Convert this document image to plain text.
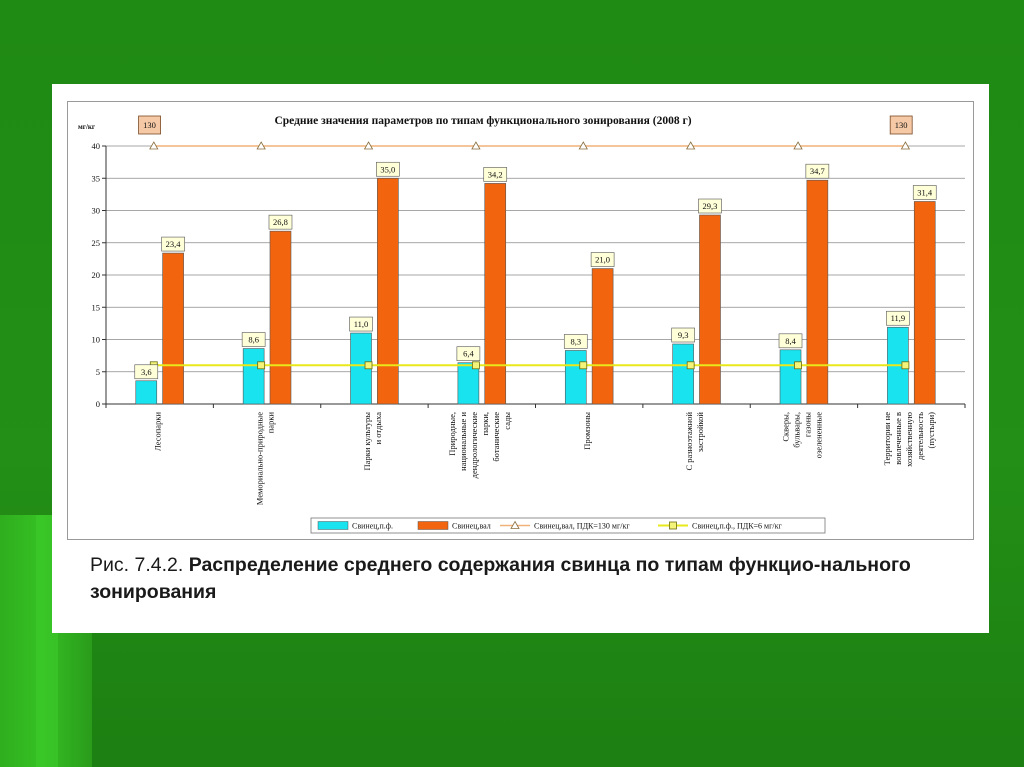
Средние значения параметров по типам функционального зонирования (2008 г)
мг/кг
0
5
10
15
20
25
30
35
40
3,6
8,6
11,0
6,4
8,3
9,3
8,4
11,9
23,4
26,8
35,0
34,2
21,0
29,3
34,7
31,4
130	130
Лесопарки	Мемориально-природныепарки	Парки культурыи отдыха	Природные,национальные идендрологическиепарки,ботаническиесады	Промзоны	С разноэтажнойзастройкой	Скверы,бульвары,газоныозелененные	Территории невовлеченные вхозяйственнуюдеятельность(пустыри)
Свинец,п.ф.	Свинец,вал	Свинец,вал, ПДК=130 мг/кг	Свинец,п.ф., ПДК=6 мг/кг
Рис. 7.4.2. Распределение среднего содержания свинца по типам функцио-нального зонирования
